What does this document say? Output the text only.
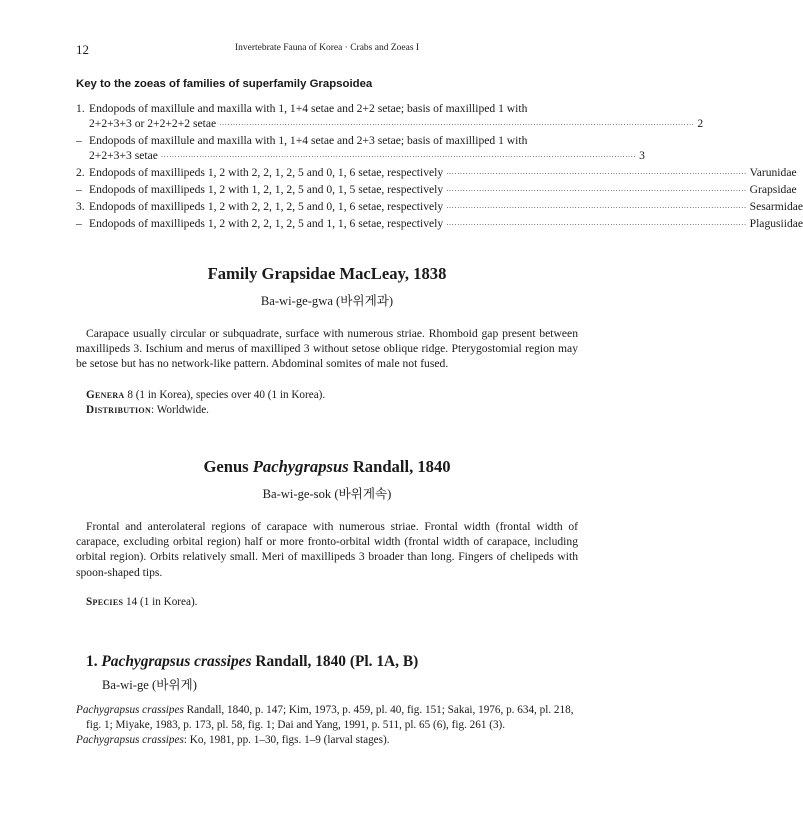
12	Invertebrate Fauna of Korea · Crabs and Zoeas I

Key to the zoeas of families of superfamily Grapsoidea

1. Endopods of maxillule and maxilla with 1, 1+4 setae and 2+2 setae; basis of maxilliped 1 with
2+2+3+3 or 2+2+2+2 setae ·············································································································································································· 2
– Endopods of maxillule and maxilla with 1, 1+4 setae and 2+3 setae; basis of maxilliped 1 with
2+2+3+3 setae ·············································································································································································· 3
2. Endopods of maxillipeds 1, 2 with 2, 2, 1, 2, 5 and 0, 1, 6 setae, respectively ·············································································································· Varunidae
– Endopods of maxillipeds 1, 2 with 1, 2, 1, 2, 5 and 0, 1, 5 setae, respectively ·············································································································· Grapsidae
3. Endopods of maxillipeds 1, 2 with 2, 2, 1, 2, 5 and 0, 1, 6 setae, respectively ·············································································································· Sesarmidae
– Endopods of maxillipeds 1, 2 with 2, 2, 1, 2, 5 and 1, 1, 6 setae, respectively ·············································································································· Plagusiidae
Family Grapsidae MacLeay, 1838
Ba-wi-ge-gwa (바위게과)

Carapace usually circular or subquadrate, surface with numerous striae. Rhomboid gap present between maxillipeds 3. Ischium and merus of maxilliped 3 without setose oblique ridge. Pterygostomial region may be setose but has no network-like pattern. Abdominal somites of male not fused.

Genera 8 (1 in Korea), species over 40 (1 in Korea).
Distribution: Worldwide.
Genus Pachygrapsus Randall, 1840
Ba-wi-ge-sok (바위게속)

Frontal and anterolateral regions of carapace with numerous striae. Frontal width (frontal width of carapace, excluding orbital region) half or more fronto-orbital width (frontal width of carapace, including orbital region). Orbits relatively small. Meri of maxillipeds 3 broader than long. Fingers of chelipeds with spoon-shaped tips.

Species 14 (1 in Korea).
1. Pachygrapsus crassipes Randall, 1840 (Pl. 1A, B)
Ba-wi-ge (바위게)
Pachygrapsus crassipes Randall, 1840, p. 147; Kim, 1973, p. 459, pl. 40, fig. 151; Sakai, 1976, p. 634, pl. 218, fig. 1; Miyake, 1983, p. 173, pl. 58, fig. 1; Dai and Yang, 1991, p. 511, pl. 65 (6), fig. 261 (3).
Pachygrapsus crassipes: Ko, 1981, pp. 1–30, figs. 1–9 (larval stages).
